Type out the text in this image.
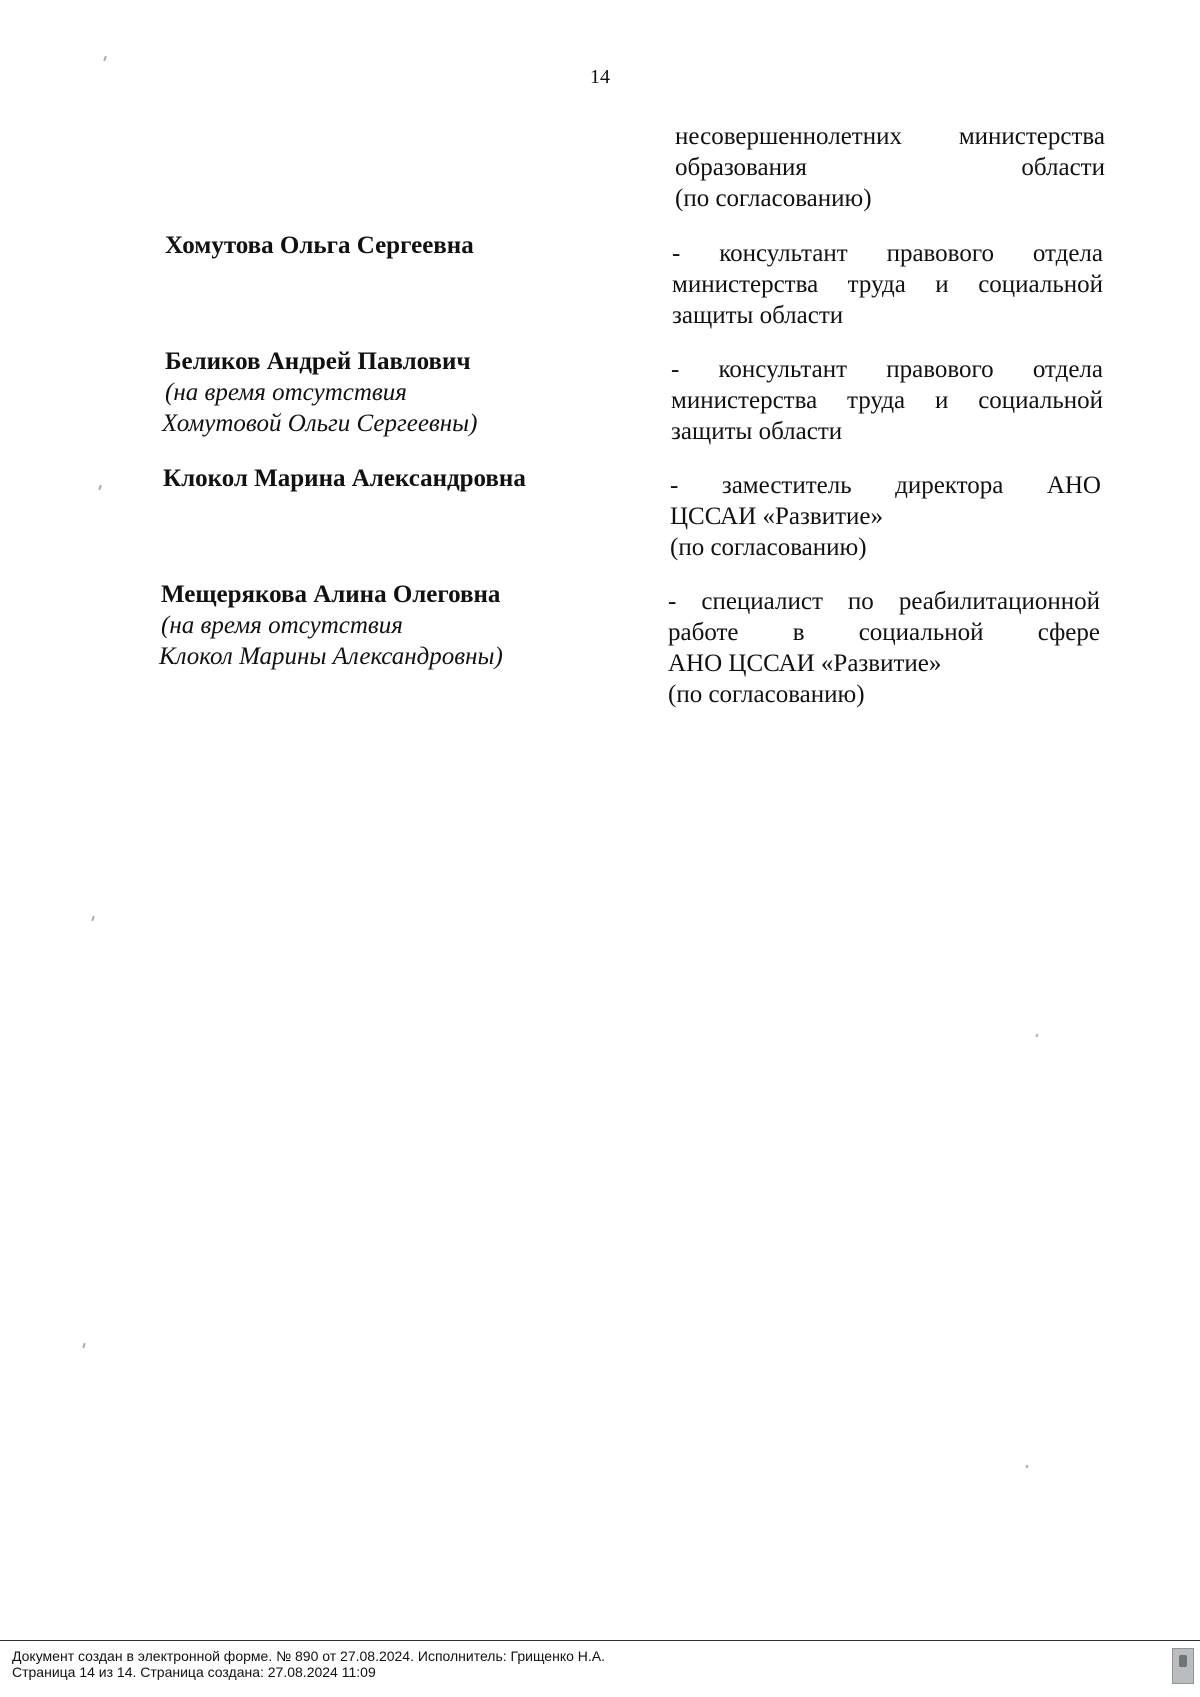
14
несовершеннолетних министерства
образования области
(по согласованию)
Хомутова Ольга Сергеевна	- консультант правового отдела
министерства труда и социальной
защиты области
Беликов Андрей Павлович
(на время отсутствия
Хомутовой Ольги Сергеевны)
- консультант правового отдела
министерства труда и социальной
защиты области
Клокол Марина Александровна	- заместитель директора АНО
ЦССАИ «Развитие»
(по согласованию)
Мещерякова Алина Олеговна
(на время отсутствия
Клокол Марины Александровны)
- специалист по реабилитационной
работе в социальной сфере
АНО ЦССАИ «Развитие»
(по согласованию)
Документ создан в электронной форме. № 890 от 27.08.2024. Исполнитель: Грищенко Н.А.
Страница 14 из 14. Страница создана: 27.08.2024 11:09
